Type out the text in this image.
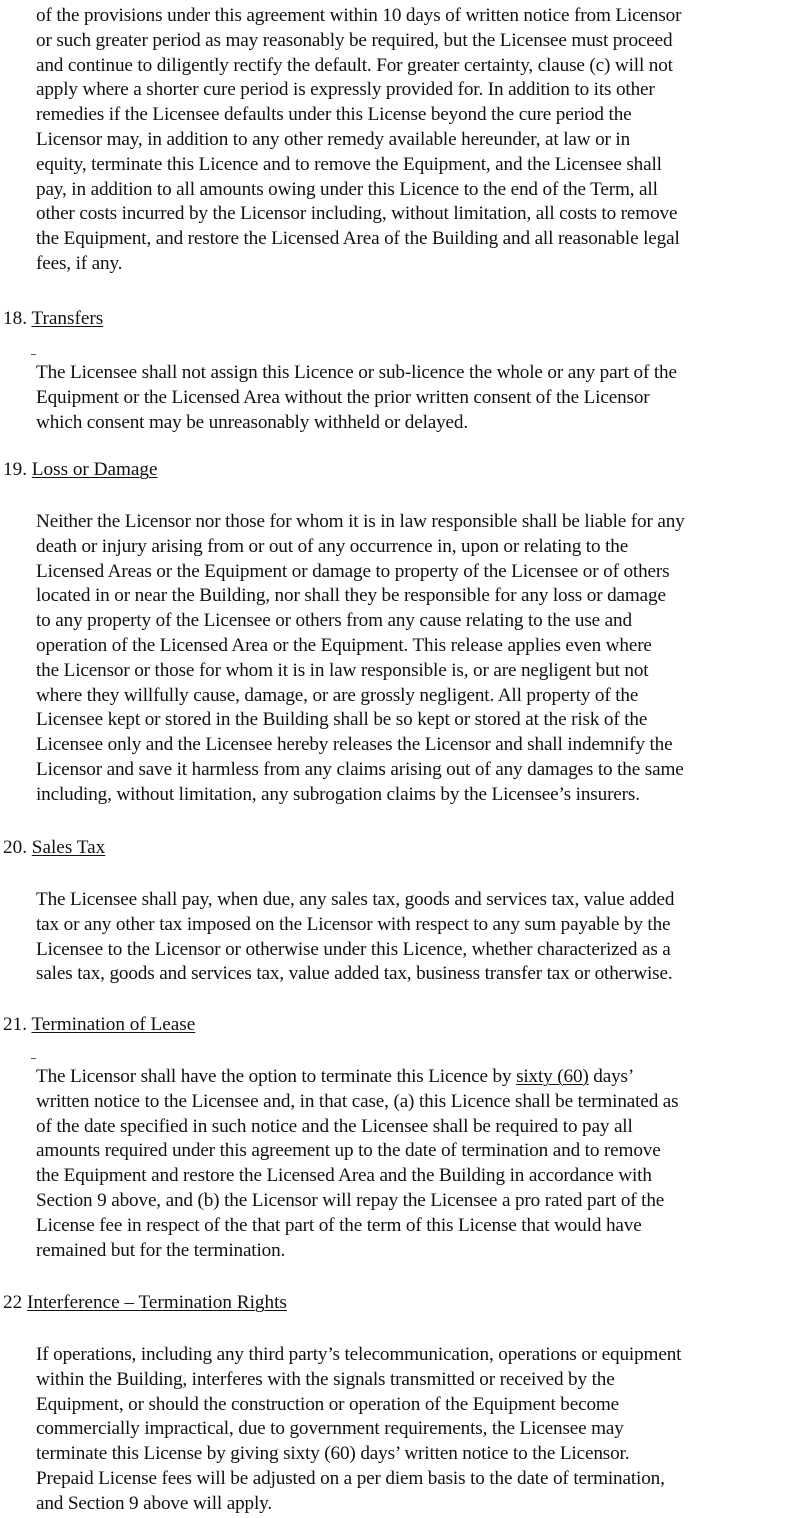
of the provisions under this agreement within 10 days of written notice from Licensor
or such greater period as may reasonably be required, but the Licensee must proceed
and continue to diligently rectify the default. For greater certainty, clause (c) will not
apply where a shorter cure period is expressly provided for. In addition to its other
remedies if the Licensee defaults under this License beyond the cure period the
Licensor may, in addition to any other remedy available hereunder, at law or in
equity, terminate this Licence and to remove the Equipment, and the Licensee shall
pay, in addition to all amounts owing under this Licence to the end of the Term, all
other costs incurred by the Licensor including, without limitation, all costs to remove
the Equipment, and restore the Licensed Area of the Building and all reasonable legal
fees, if any.

18. Transfers

The Licensee shall not assign this Licence or sub-licence the whole or any part of the
Equipment or the Licensed Area without the prior written consent of the Licensor
which consent may be unreasonably withheld or delayed.

19. Loss or Damage

Neither the Licensor nor those for whom it is in law responsible shall be liable for any
death or injury arising from or out of any occurrence in, upon or relating to the
Licensed Areas or the Equipment or damage to property of the Licensee or of others
located in or near the Building, nor shall they be responsible for any loss or damage
to any property of the Licensee or others from any cause relating to the use and
operation of the Licensed Area or the Equipment. This release applies even where
the Licensor or those for whom it is in law responsible is, or are negligent but not
where they willfully cause, damage, or are grossly negligent. All property of the
Licensee kept or stored in the Building shall be so kept or stored at the risk of the
Licensee only and the Licensee hereby releases the Licensor and shall indemnify the
Licensor and save it harmless from any claims arising out of any damages to the same
including, without limitation, any subrogation claims by the Licensee’s insurers.

20. Sales Tax

The Licensee shall pay, when due, any sales tax, goods and services tax, value added
tax or any other tax imposed on the Licensor with respect to any sum payable by the
Licensee to the Licensor or otherwise under this Licence, whether characterized as a
sales tax, goods and services tax, value added tax, business transfer tax or otherwise.

21. Termination of Lease

The Licensor shall have the option to terminate this Licence by sixty (60) days’
written notice to the Licensee and, in that case, (a) this Licence shall be terminated as
of the date specified in such notice and the Licensee shall be required to pay all
amounts required under this agreement up to the date of termination and to remove
the Equipment and restore the Licensed Area and the Building in accordance with
Section 9 above, and (b) the Licensor will repay the Licensee a pro rated part of the
License fee in respect of the that part of the term of this License that would have
remained but for the termination.

22 Interference – Termination Rights

If operations, including any third party’s telecommunication, operations or equipment
within the Building, interferes with the signals transmitted or received by the
Equipment, or should the construction or operation of the Equipment become
commercially impractical, due to government requirements, the Licensee may
terminate this License by giving sixty (60) days’ written notice to the Licensor.
Prepaid License fees will be adjusted on a per diem basis to the date of termination,
and Section 9 above will apply.
